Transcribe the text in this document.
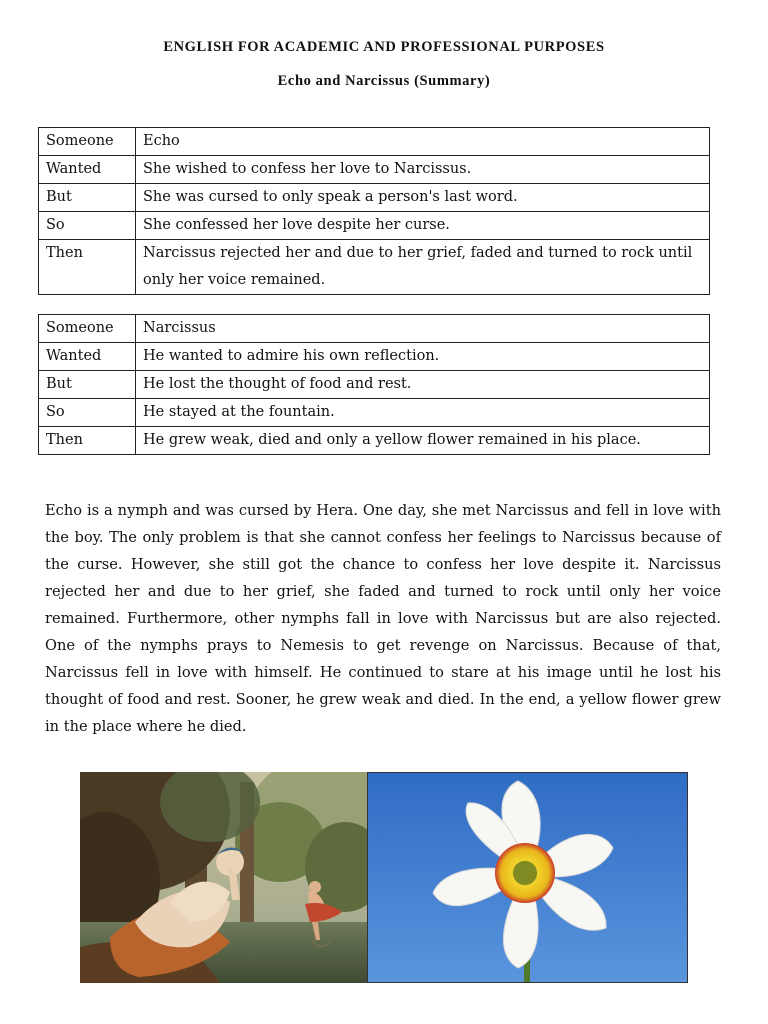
ENGLISH FOR ACADEMIC AND PROFESSIONAL PURPOSES
Echo and Narcissus (Summary)
Someone	Echo
Wanted	She wished to confess her love to Narcissus.
But	She was cursed to only speak a person's last word.
So	She confessed her love despite her curse.
Then	Narcissus rejected her and due to her grief, faded and turned to rock until only her voice remained.
Someone	Narcissus
Wanted	He wanted to admire his own reflection.
But	He lost the thought of food and rest.
So	He stayed at the fountain.
Then	He grew weak, died and only a yellow flower remained in his place.

Echo is a nymph and was cursed by Hera. One day, she met Narcissus and fell in love with the boy. The only problem is that she cannot confess her feelings to Narcissus because of the curse. However, she still got the chance to confess her love despite it. Narcissus rejected her and due to her grief, she faded and turned to rock until only her voice remained. Furthermore, other nymphs fall in love with Narcissus but are also rejected. One of the nymphs prays to Nemesis to get revenge on Narcissus. Because of that, Narcissus fell in love with himself. He continued to stare at his image until he lost his thought of food and rest. Sooner, he grew weak and died. In the end, a yellow flower grew in the place where he died.
